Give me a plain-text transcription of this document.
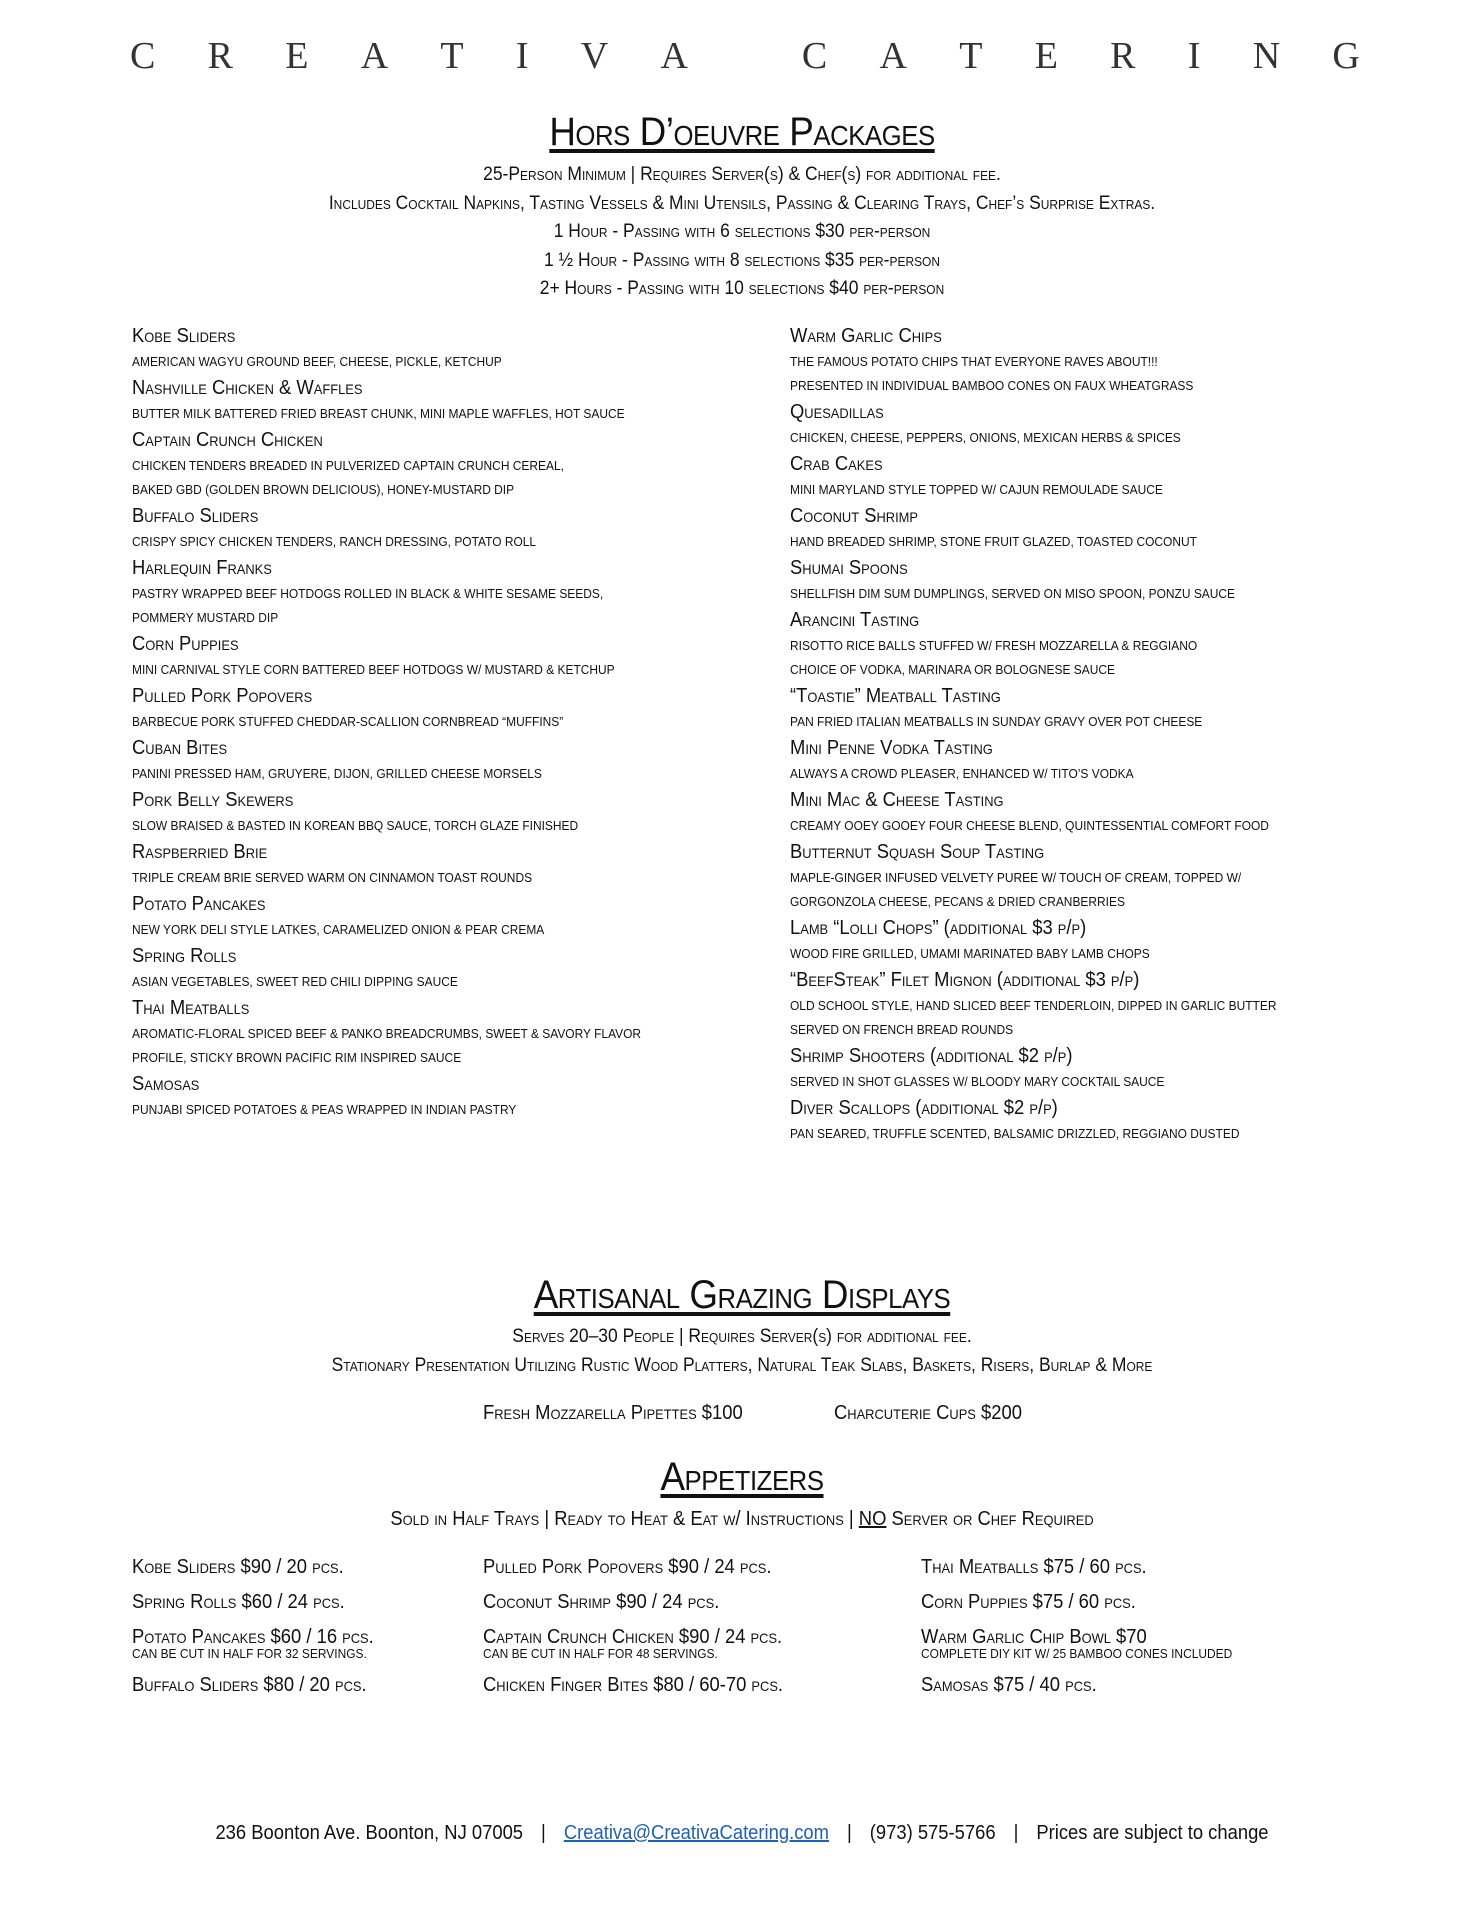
C R E A T I V A
	C A T E R I N G
Hors D’oeuvre Packages
25-Person Minimum | Requires Server(s) & Chef(s) for additional fee.
Includes Cocktail Napkins, Tasting Vessels & Mini Utensils, Passing & Clearing Trays, Chef’s Surprise Extras.
1 Hour - Passing with 6 selections $30 per-person
1 ½ Hour - Passing with 8 selections $35 per-person
2+ Hours - Passing with 10 selections $40 per-person
Kobe Sliders
AMERICAN WAGYU GROUND BEEF, CHEESE, PICKLE, KETCHUP
Nashville Chicken & Waffles
BUTTER MILK BATTERED FRIED BREAST CHUNK, MINI MAPLE WAFFLES, HOT SAUCE
Captain Crunch Chicken
CHICKEN TENDERS BREADED IN PULVERIZED CAPTAIN CRUNCH CEREAL,
BAKED GBD (GOLDEN BROWN DELICIOUS), HONEY-MUSTARD DIP
Buffalo Sliders
CRISPY SPICY CHICKEN TENDERS, RANCH DRESSING, POTATO ROLL
Harlequin Franks
PASTRY WRAPPED BEEF HOTDOGS ROLLED IN BLACK & WHITE SESAME SEEDS,
POMMERY MUSTARD DIP
Corn Puppies
MINI CARNIVAL STYLE CORN BATTERED BEEF HOTDOGS W/ MUSTARD & KETCHUP
Pulled Pork Popovers
BARBECUE PORK STUFFED CHEDDAR-SCALLION CORNBREAD “MUFFINS”
Cuban Bites
PANINI PRESSED HAM, GRUYERE, DIJON, GRILLED CHEESE MORSELS
Pork Belly Skewers
SLOW BRAISED & BASTED IN KOREAN BBQ SAUCE, TORCH GLAZE FINISHED
Raspberried Brie
TRIPLE CREAM BRIE SERVED WARM ON CINNAMON TOAST ROUNDS
Potato Pancakes
NEW YORK DELI STYLE LATKES, CARAMELIZED ONION & PEAR CREMA
Spring Rolls
ASIAN VEGETABLES, SWEET RED CHILI DIPPING SAUCE
Thai Meatballs
AROMATIC-FLORAL SPICED BEEF & PANKO BREADCRUMBS, SWEET & SAVORY FLAVOR
PROFILE, STICKY BROWN PACIFIC RIM INSPIRED SAUCE
Samosas
PUNJABI SPICED POTATOES & PEAS WRAPPED IN INDIAN PASTRY
Warm Garlic Chips
THE FAMOUS POTATO CHIPS THAT EVERYONE RAVES ABOUT!!!
PRESENTED IN INDIVIDUAL BAMBOO CONES ON FAUX WHEATGRASS
Quesadillas
CHICKEN, CHEESE, PEPPERS, ONIONS, MEXICAN HERBS & SPICES
Crab Cakes
MINI MARYLAND STYLE TOPPED W/ CAJUN REMOULADE SAUCE
Coconut Shrimp
HAND BREADED SHRIMP, STONE FRUIT GLAZED, TOASTED COCONUT
Shumai Spoons
SHELLFISH DIM SUM DUMPLINGS, SERVED ON MISO SPOON, PONZU SAUCE
Arancini Tasting
RISOTTO RICE BALLS STUFFED W/ FRESH MOZZARELLA & REGGIANO
CHOICE OF VODKA, MARINARA OR BOLOGNESE SAUCE
“Toastie” Meatball Tasting
PAN FRIED ITALIAN MEATBALLS IN SUNDAY GRAVY OVER POT CHEESE
Mini Penne Vodka Tasting
ALWAYS A CROWD PLEASER, ENHANCED W/ TITO’S VODKA
Mini Mac & Cheese Tasting
CREAMY OOEY GOOEY FOUR CHEESE BLEND, QUINTESSENTIAL COMFORT FOOD
Butternut Squash Soup Tasting
MAPLE-GINGER INFUSED VELVETY PUREE W/ TOUCH OF CREAM, TOPPED W/
GORGONZOLA CHEESE, PECANS & DRIED CRANBERRIES
Lamb “Lolli Chops” (additional $3 p/p)
WOOD FIRE GRILLED, UMAMI MARINATED BABY LAMB CHOPS
“BeefSteak” Filet Mignon (additional $3 p/p)
OLD SCHOOL STYLE, HAND SLICED BEEF TENDERLOIN, DIPPED IN GARLIC BUTTER
SERVED ON FRENCH BREAD ROUNDS
Shrimp Shooters (additional $2 p/p)
SERVED IN SHOT GLASSES W/ BLOODY MARY COCKTAIL SAUCE
Diver Scallops (additional $2 p/p)
PAN SEARED, TRUFFLE SCENTED, BALSAMIC DRIZZLED, REGGIANO DUSTED
Artisanal Grazing Displays
Serves 20–30 People | Requires Server(s) for additional fee.
Stationary Presentation Utilizing Rustic Wood Platters, Natural Teak Slabs, Baskets, Risers, Burlap & More
Fresh Mozzarella Pipettes $100	Charcuterie Cups $200
Appetizers
Sold in Half Trays | Ready to Heat & Eat w/ Instructions | NO Server or Chef Required
Kobe Sliders $90 / 20 pcs.
Spring Rolls $60 / 24 pcs.
Potato Pancakes $60 / 16 pcs.
CAN BE CUT IN HALF FOR 32 SERVINGS.
Buffalo Sliders $80 / 20 pcs.
Pulled Pork Popovers $90 / 24 pcs.
Coconut Shrimp $90 / 24 pcs.
Captain Crunch Chicken $90 / 24 pcs.
CAN BE CUT IN HALF FOR 48 SERVINGS.
Chicken Finger Bites $80 / 60-70 pcs.
Thai Meatballs $75 / 60 pcs.
Corn Puppies $75 / 60 pcs.
Warm Garlic Chip Bowl $70
COMPLETE DIY KIT W/ 25 BAMBOO CONES INCLUDED
Samosas $75 / 40 pcs.
236 Boonton Ave. Boonton, NJ 07005 | Creativa@CreativaCatering.com | (973) 575-5766 | Prices are subject to change
